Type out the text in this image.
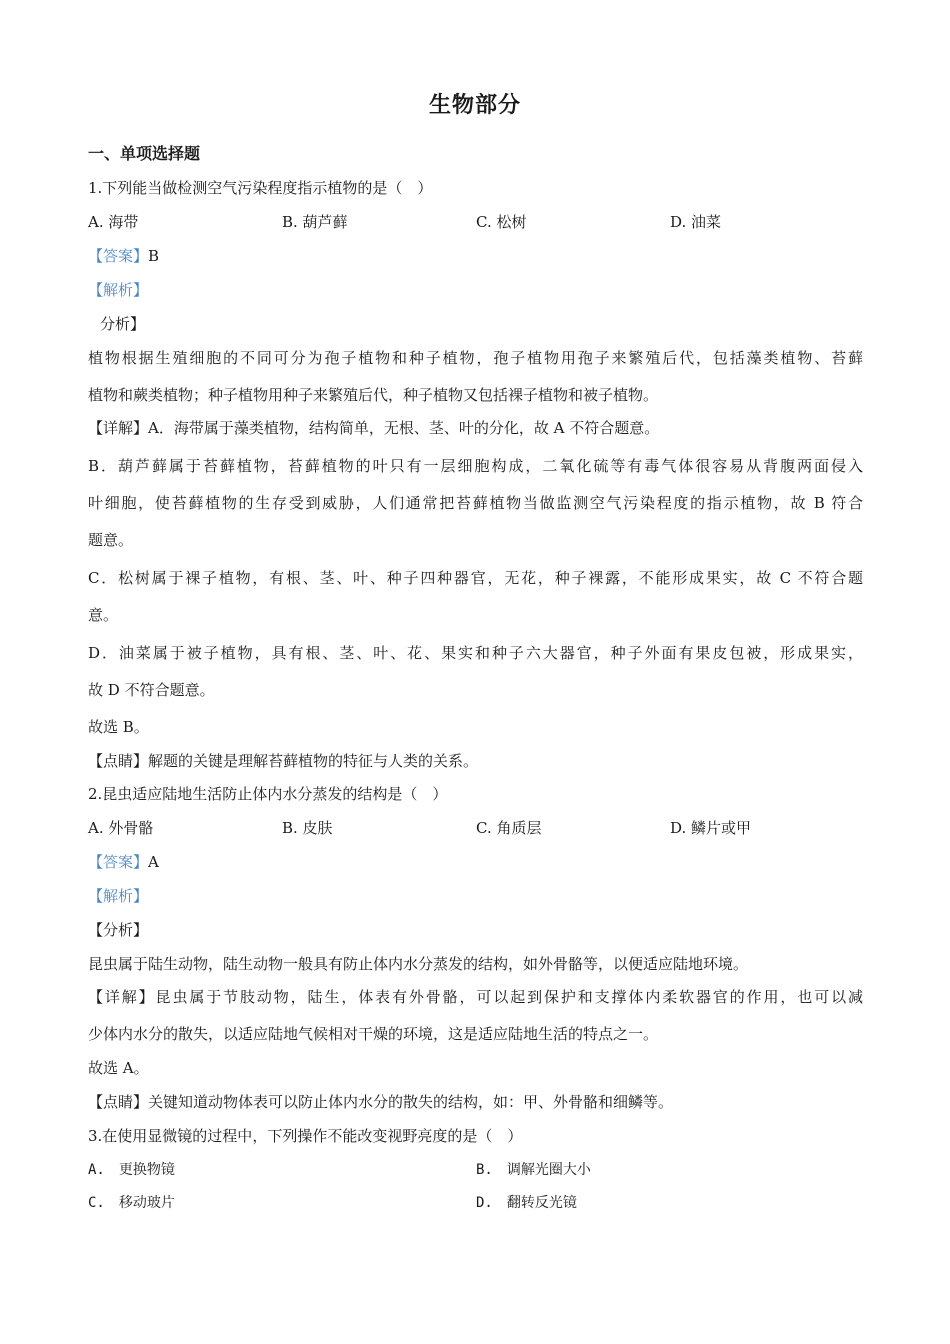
生物部分
一、单项选择题
1.下列能当做检测空气污染程度指示植物的是（　）
A. 海带	B. 葫芦藓	C. 松树	D. 油菜
【答案】B
【解析】
分析】
植物根据生殖细胞的不同可分为孢子植物和种子植物，孢子植物用孢子来繁殖后代，包括藻类植物、苔藓
植物和蕨类植物；种子植物用种子来繁殖后代，种子植物又包括裸子植物和被子植物。
【详解】A．海带属于藻类植物，结构简单，无根、茎、叶的分化，故 A 不符合题意。
B．葫芦藓属于苔藓植物，苔藓植物的叶只有一层细胞构成，二氧化硫等有毒气体很容易从背腹两面侵入
叶细胞，使苔藓植物的生存受到威胁，人们通常把苔藓植物当做监测空气污染程度的指示植物，故 B 符合
题意。
C．松树属于裸子植物，有根、茎、叶、种子四种器官，无花，种子裸露，不能形成果实，故 C 不符合题
意。
D．油菜属于被子植物，具有根、茎、叶、花、果实和种子六大器官，种子外面有果皮包被，形成果实，
故 D 不符合题意。
故选 B。
【点睛】解题的关键是理解苔藓植物的特征与人类的关系。
2.昆虫适应陆地生活防止体内水分蒸发的结构是（　）
A. 外骨骼	B. 皮肤	C. 角质层	D. 鳞片或甲
【答案】A
【解析】
【分析】
昆虫属于陆生动物，陆生动物一般具有防止体内水分蒸发的结构，如外骨骼等，以便适应陆地环境。
【详解】昆虫属于节肢动物，陆生，体表有外骨骼，可以起到保护和支撑体内柔软器官的作用，也可以减
少体内水分的散失，以适应陆地气候相对干燥的环境，这是适应陆地生活的特点之一。
故选 A。
【点睛】关键知道动物体表可以防止体内水分的散失的结构，如：甲、外骨骼和细鳞等。
3.在使用显微镜的过程中，下列操作不能改变视野亮度的是（　）
A.　更换物镜	B.　调解光圈大小
C.　移动玻片	D.　翻转反光镜
